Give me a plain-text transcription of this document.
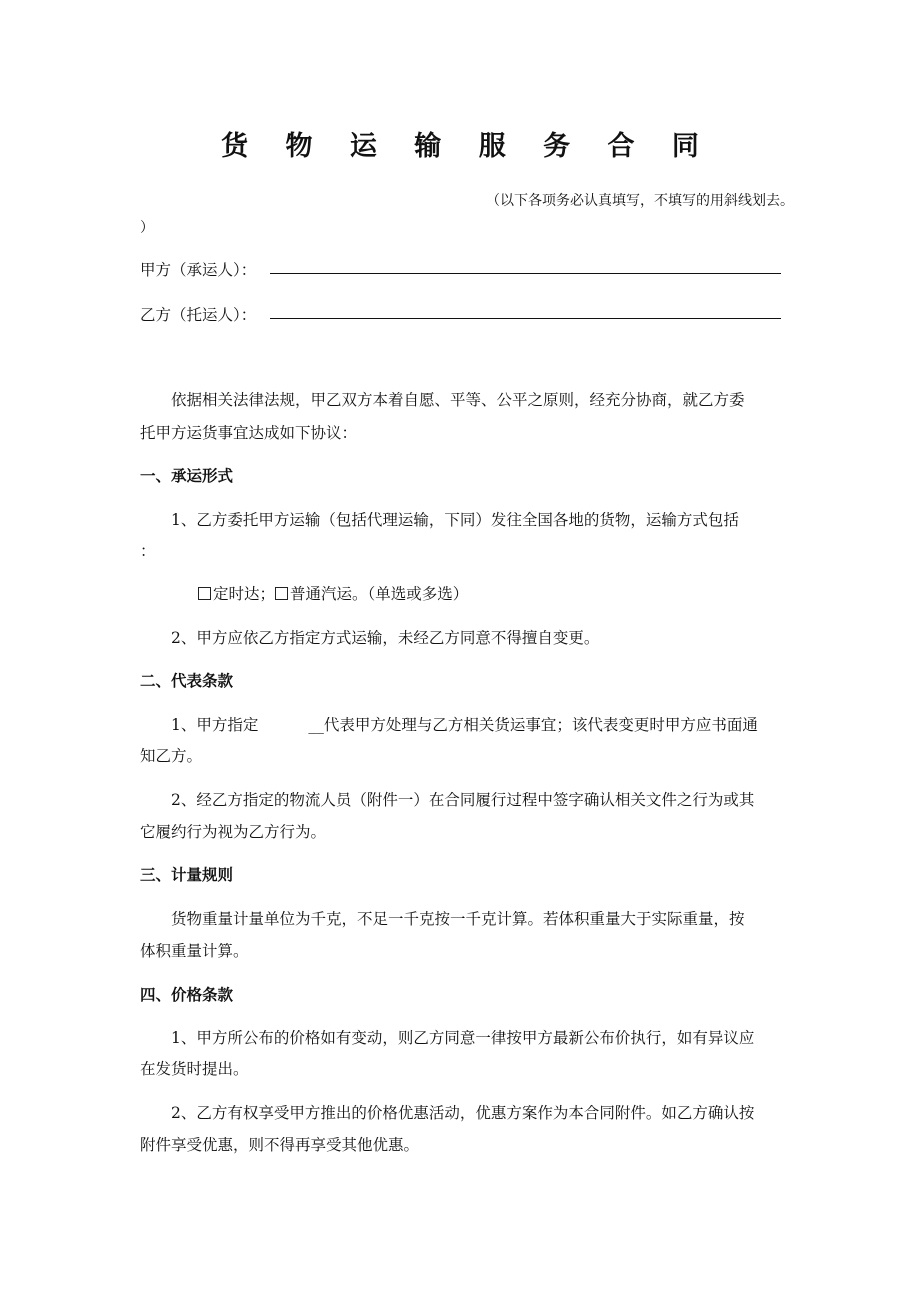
货 物 运 输 服 务 合 同
（以下各项务必认真填写，不填写的用斜线划去。
）
甲方（承运人）：
乙方（托运人）：
依据相关法律法规，甲乙双方本着自愿、平等、公平之原则，经充分协商，就乙方委
托甲方运货事宜达成如下协议：
一、承运形式
1、乙方委托甲方运输（包括代理运输，下同）发往全国各地的货物，运输方式包括
：
定时达； 普通汽运。（单选或多选）
2、甲方应依乙方指定方式运输，未经乙方同意不得擅自变更。
二、代表条款
1、甲方指定	__代表甲方处理与乙方相关货运事宜；该代表变更时甲方应书面通
知乙方。
2、经乙方指定的物流人员（附件一）在合同履行过程中签字确认相关文件之行为或其
它履约行为视为乙方行为。
三、计量规则
货物重量计量单位为千克，不足一千克按一千克计算。若体积重量大于实际重量，按
体积重量计算。
四、价格条款
1、甲方所公布的价格如有变动，则乙方同意一律按甲方最新公布价执行，如有异议应
在发货时提出。
2、乙方有权享受甲方推出的价格优惠活动，优惠方案作为本合同附件。如乙方确认按
附件享受优惠，则不得再享受其他优惠。
